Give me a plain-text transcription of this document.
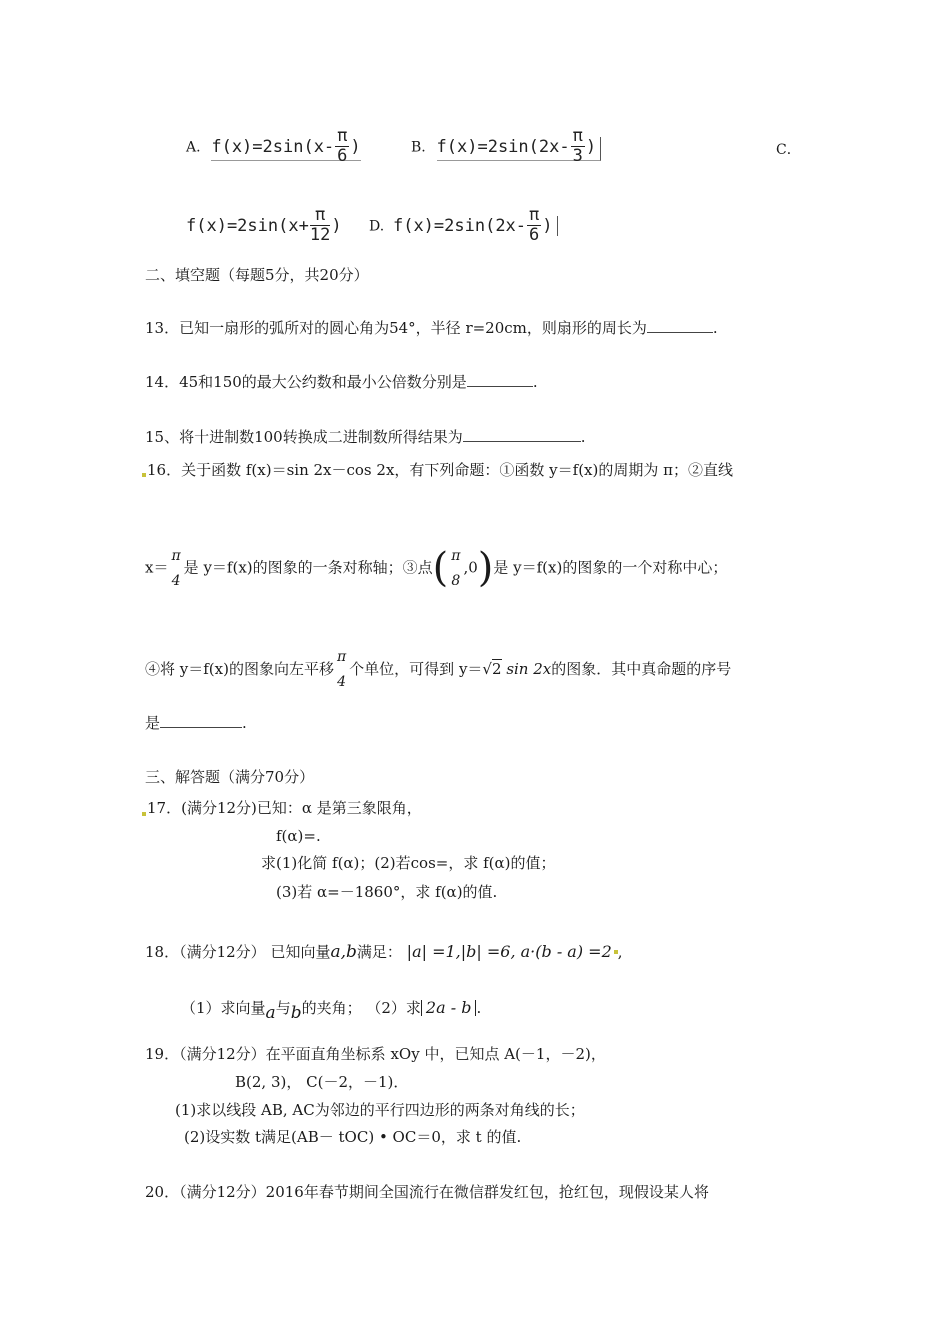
A. $f(x)=2\sin(x- \frac{\pi}{6}$ )	B. $f(x)=2\sin(2x- \frac{\pi}{3}$ )	C．
$f(x)=2\sin(x+ \frac{\pi}{12}$ ) D. $f(x)=2\sin(2x- \frac{\pi}{6}$ )
二、填空题（每题5分，共20分）
13．已知一扇形的弧所对的圆心角为54°，半径 r=20cm，则扇形的周长为	.
14．45和150的最大公约数和最小公倍数分别是	.
15、将十进制数100转换成二进制数所得结果为	.
16．关于函数 f(x)＝sin 2x－cos 2x，有下列命题：①函数 y＝f(x)的周期为 π；②直线
x＝
π
4
是 y＝f(x)的图象的一条对称轴；③点( π
8
,0)是 y＝f(x)的图象的一个对称中心；
④将 y＝f(x)的图象向左平移
π
4
个单位，可得到 y＝√2 sin 2x的图象．其中真命题的序号
是	.
三、解答题（满分70分）
17．(满分12分)已知：α 是第三象限角，
f(α)=.
求(1)化简 f(α)；(2)若cos=，求 f(α)的值；
(3)若 α=－1860°，求 f(α)的值.
18．（满分12分） 已知向量a,b满足： |a| =1,|b| =6, a·(b - a) =2 ,
（1）求向量a与b的夹角； （2）求 2a - b .
19．（满分12分）在平面直角坐标系 xOy 中，已知点 A(－1，－2)，
B(2, 3)， C(－2，－1)．
(1)求以线段 AB, AC为邻边的平行四边形的两条对角线的长；
(2)设实数 t满足(AB－ tOC) • OC＝0，求 t 的值.
20．（满分12分）2016年春节期间全国流行在微信群发红包，抢红包，现假设某人将
